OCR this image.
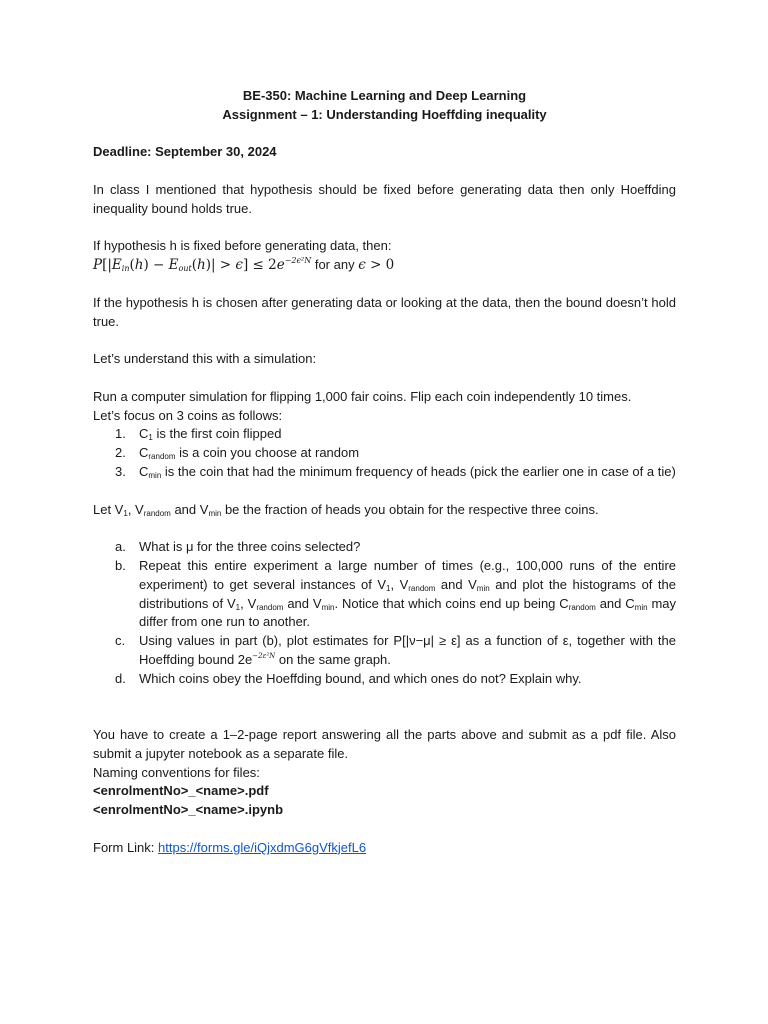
BE-350: Machine Learning and Deep Learning

Assignment – 1: Understanding Hoeffding inequality

Deadline: September 30, 2024

In class I mentioned that hypothesis should be fixed before generating data then only Hoeffding inequality bound holds true.

If hypothesis h is fixed before generating data, then:

$P[|E_{in}(h) - E_{out}(h)| > \epsilon] \le 2e^{-2\epsilon^2N}$ for any ϵ > 0

If the hypothesis h is chosen after generating data or looking at the data, then the bound doesn’t hold true.

Let’s understand this with a simulation:

Run a computer simulation for flipping 1,000 fair coins. Flip each coin independently 10 times.

Let’s focus on 3 coins as follows:

1. $C_1$ is the first coin flipped
2. $C_{random}$ is a coin you choose at random
3. $C_{min}$ is the coin that had the minimum frequency of heads (pick the earlier one in case of a tie)

Let $V_1$, $V_{random}$ and $V_{min}$ be the fraction of heads you obtain for the respective three coins.

a. What is μ for the three coins selected?
b. Repeat this entire experiment a large number of times (e.g., 100,000 runs of the entire experiment) to get several instances of $V_1$, $V_{random}$ and $V_{min}$ and plot the histograms of the distributions of $V_1$, $V_{random}$ and $V_{min}$. Notice that which coins end up being $C_{random}$ and $C_{min}$ may differ from one run to another.
c. Using values in part (b), plot estimates for P[|ν−μ| ≥ ε] as a function of ε, together with the Hoeffding bound $2e^{-2\varepsilon^2N}$ on the same graph.
d. Which coins obey the Hoeffding bound, and which ones do not? Explain why.

You have to create a 1–2-page report answering all the parts above and submit as a pdf file. Also submit a jupyter notebook as a separate file.

Naming conventions for files:

<enrolmentNo>_<name>.pdf

<enrolmentNo>_<name>.ipynb

Form Link: https://forms.gle/iQjxdmG6gVfkjefL6
